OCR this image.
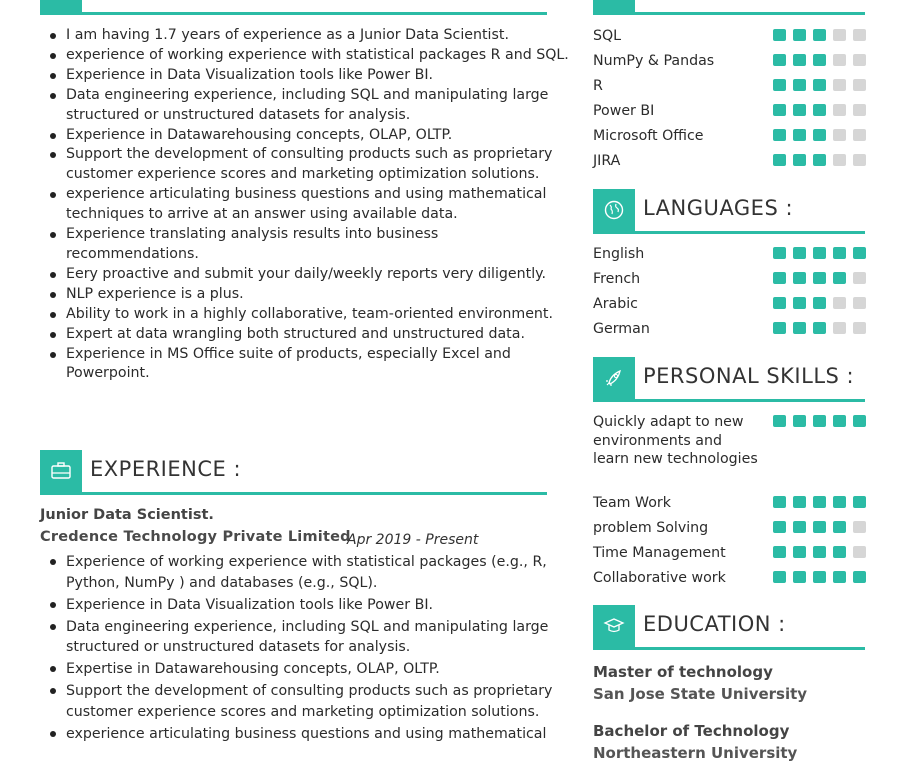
I am having 1.7 years of experience as a Junior Data Scientist.
experience of working experience with statistical packages R and SQL.
Experience in Data Visualization tools like Power BI.
Data engineering experience, including SQL and manipulating large structured or unstructured datasets for analysis.
Experience in Datawarehousing concepts, OLAP, OLTP.
Support the development of consulting products such as proprietary customer experience scores and marketing optimization solutions.
experience articulating business questions and using mathematical techniques to arrive at an answer using available data.
Experience translating analysis results into business recommendations.
Eery proactive and submit your daily/weekly reports very diligently.
NLP experience is a plus.
Ability to work in a highly collaborative, team-oriented environment.
Expert at data wrangling both structured and unstructured data.
Experience in MS Office suite of products, especially Excel and Powerpoint.
EXPERIENCE :
Junior Data Scientist.
Credence Technology Private Limited
Apr 2019 - Present
Experience of working experience with statistical packages (e.g., R, Python, NumPy ) and databases (e.g., SQL).
Experience in Data Visualization tools like Power BI.
Data engineering experience, including SQL and manipulating large structured or unstructured datasets for analysis.
Expertise in Datawarehousing concepts, OLAP, OLTP.
Support the development of consulting products such as proprietary customer experience scores and marketing optimization solutions.
experience articulating business questions and using mathematical
SQL
NumPy & Pandas
R
Power BI
Microsoft Office
JIRA
LANGUAGES :
English
French
Arabic
German
PERSONAL SKILLS :
Quickly adapt to new environments and learn new technologies
Team Work
problem Solving
Time Management
Collaborative work
EDUCATION :
Master of technology
San Jose State University
Bachelor of Technology
Northeastern University
